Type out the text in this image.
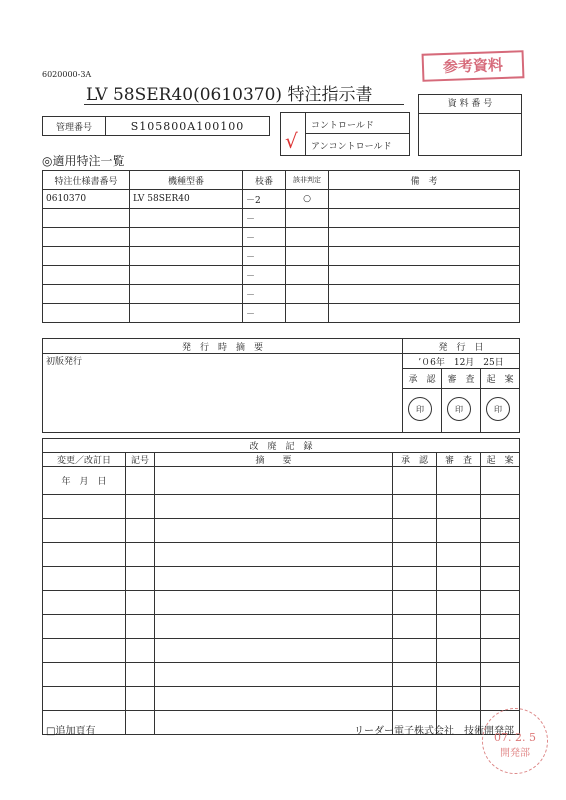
6020000-3A
LV 58SER40(0610370) 特注指示書
参考資料
資 料 番 号
管理番号	S105800A100100	コントロールド
アンコントロールド
√
◎適用特注一覧
特注仕様書番号	機種型番	枝番	該非判定	備　考
0610370	LV 58SER40	－2	○	
		－		
		－		
		－		
		－		
		－		
		－		
発　行　時　摘　要	発　行　日		
初版発行	’０6年　12月　25日		
	承　認	審　査	起　案

印	印	印
改　廃　記　録					
変更／改訂日	記号	摘　　要	承　認	審　査	起　案
年　月　日					

□追加頁有	リーダー電子株式会社　技術開発部
07. 2. 5
開発部
